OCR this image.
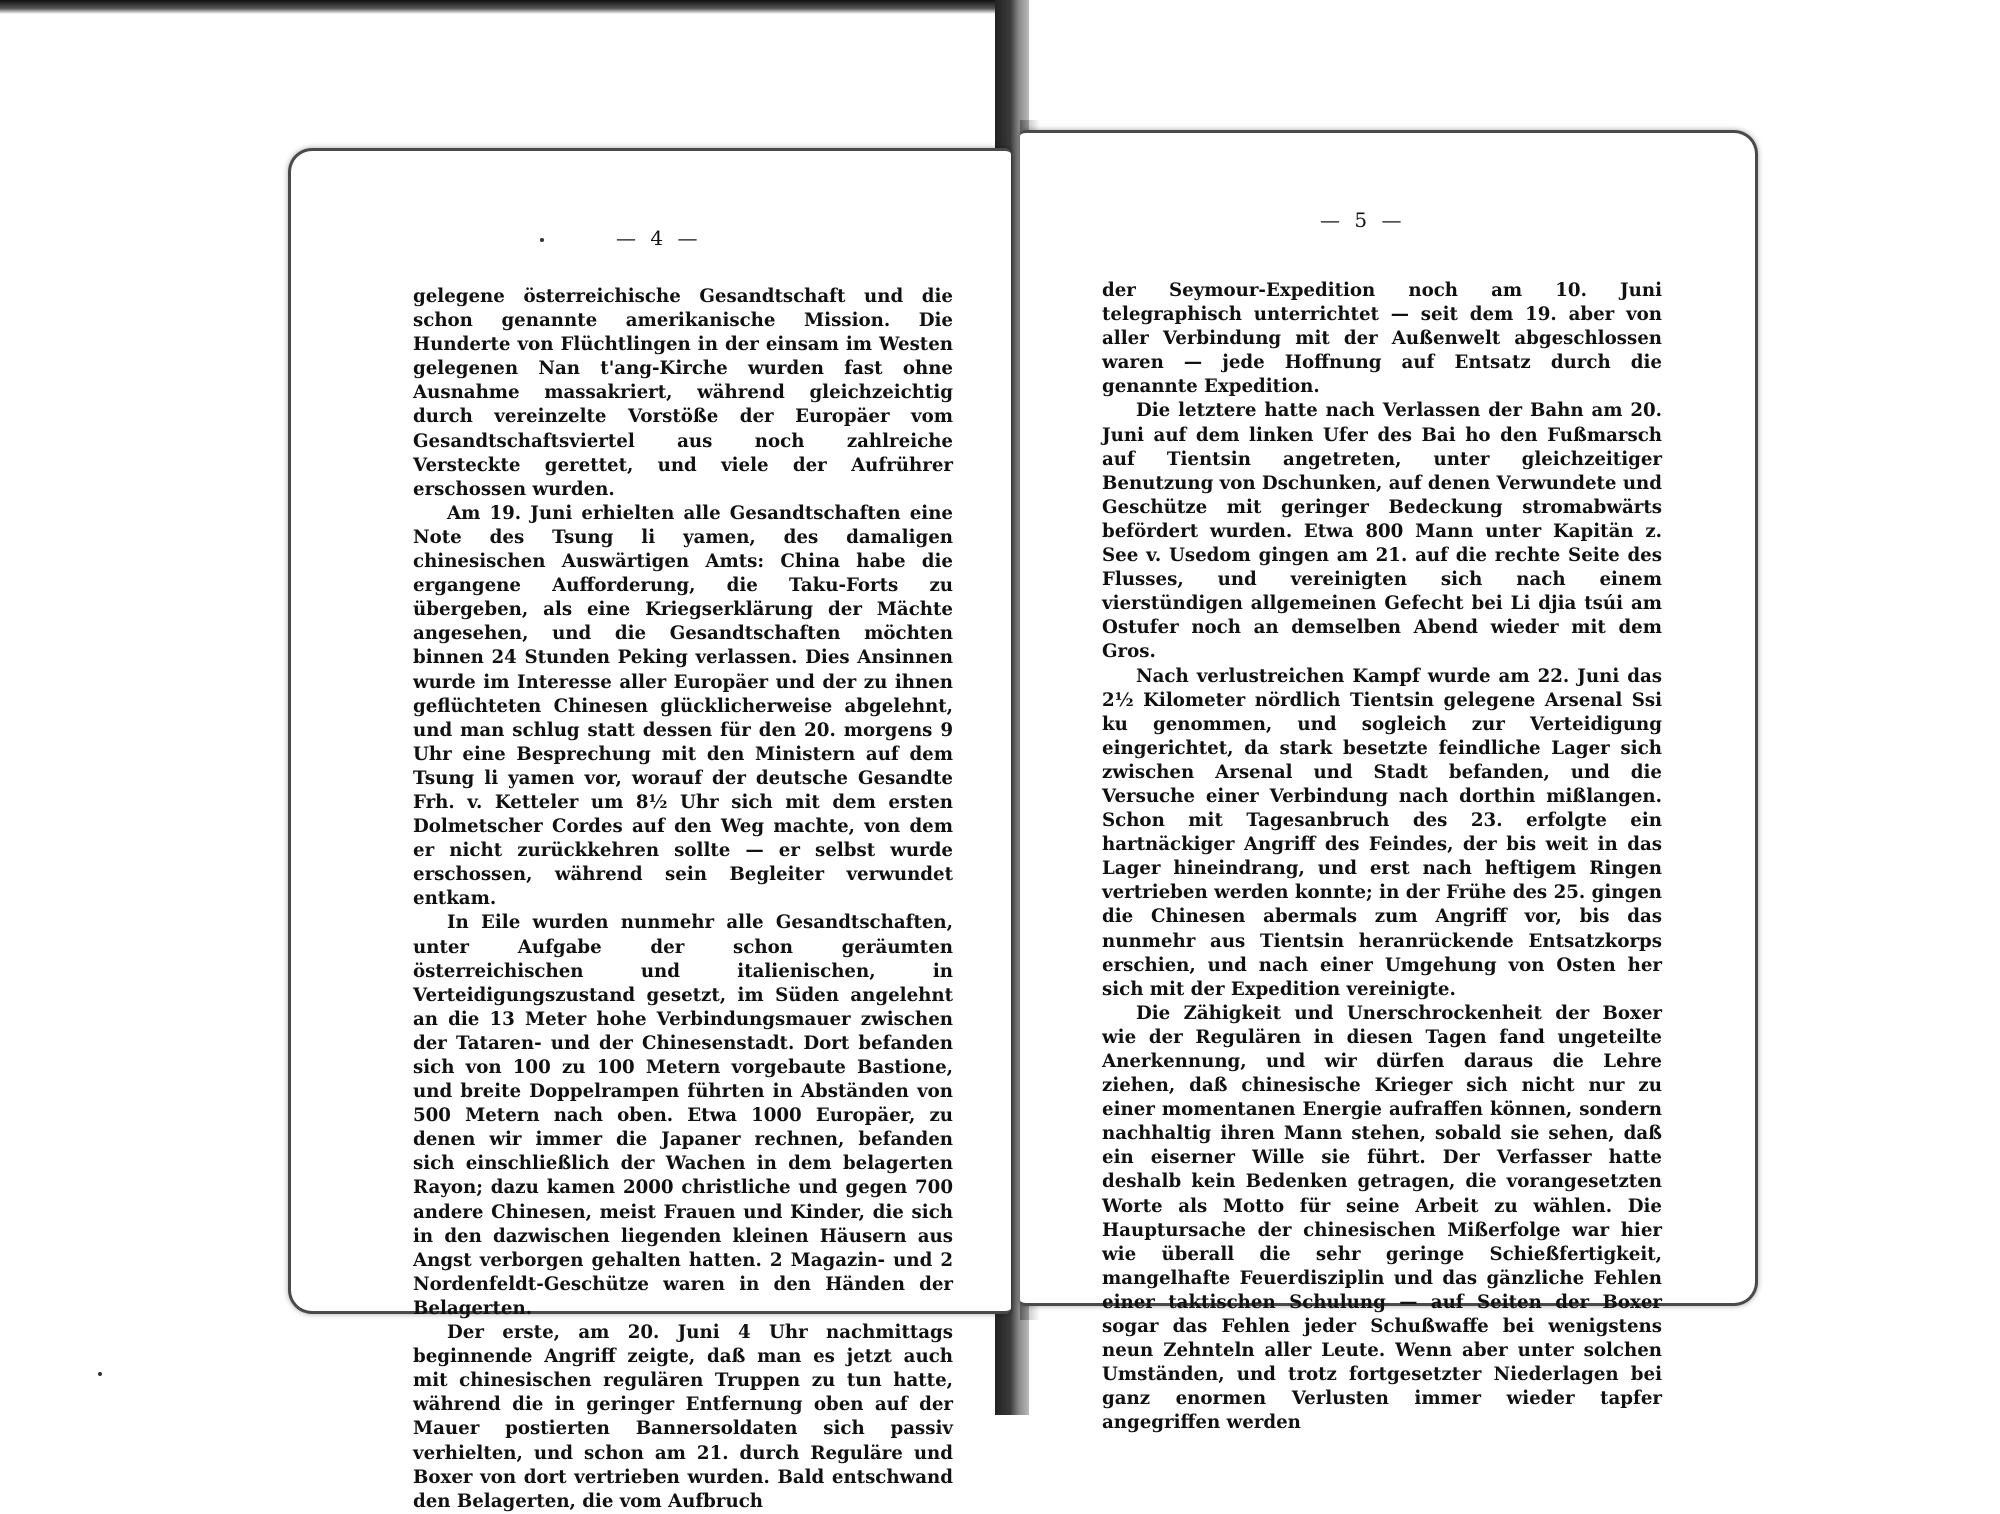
— 4 —

gelegene österreichische Gesandtschaft und die schon genannte amerikanische Mission. Die Hunderte von Flüchtlingen in der einsam im Westen gelegenen Nan t'ang-Kirche wurden fast ohne Ausnahme massakriert, während gleichzeichtig durch vereinzelte Vorstöße der Europäer vom Gesandtschaftsviertel aus noch zahlreiche Versteckte gerettet, und viele der Aufrührer erschossen wurden.

Am 19. Juni erhielten alle Gesandtschaften eine Note des Tsung li yamen, des damaligen chinesischen Auswärtigen Amts: China habe die ergangene Aufforderung, die Taku-Forts zu übergeben, als eine Kriegserklärung der Mächte angesehen, und die Gesandtschaften möchten binnen 24 Stunden Peking verlassen. Dies Ansinnen wurde im Interesse aller Europäer und der zu ihnen geflüchteten Chinesen glücklicherweise abgelehnt, und man schlug statt dessen für den 20. morgens 9 Uhr eine Besprechung mit den Ministern auf dem Tsung li yamen vor, worauf der deutsche Gesandte Frh. v. Ketteler um 8½ Uhr sich mit dem ersten Dolmetscher Cordes auf den Weg machte, von dem er nicht zurückkehren sollte — er selbst wurde erschossen, während sein Begleiter verwundet entkam.

In Eile wurden nunmehr alle Gesandtschaften, unter Aufgabe der schon geräumten österreichischen und italienischen, in Verteidigungszustand gesetzt, im Süden angelehnt an die 13 Meter hohe Verbindungsmauer zwischen der Tataren- und der Chinesenstadt. Dort befanden sich von 100 zu 100 Metern vorgebaute Bastione, und breite Doppelrampen führten in Abständen von 500 Metern nach oben. Etwa 1000 Europäer, zu denen wir immer die Japaner rechnen, befanden sich einschließlich der Wachen in dem belagerten Rayon; dazu kamen 2000 christliche und gegen 700 andere Chinesen, meist Frauen und Kinder, die sich in den dazwischen liegenden kleinen Häusern aus Angst verborgen gehalten hatten. 2 Magazin- und 2 Nordenfeldt-Geschütze waren in den Händen der Belagerten.

Der erste, am 20. Juni 4 Uhr nachmittags beginnende Angriff zeigte, daß man es jetzt auch mit chinesischen regulären Truppen zu tun hatte, während die in geringer Entfernung oben auf der Mauer postierten Bannersoldaten sich passiv verhielten, und schon am 21. durch Reguläre und Boxer von dort vertrieben wurden. Bald entschwand den Belagerten, die vom Aufbruch

— 5 —

der Seymour-Expedition noch am 10. Juni telegraphisch unterrichtet — seit dem 19. aber von aller Verbindung mit der Außenwelt abgeschlossen waren — jede Hoffnung auf Entsatz durch die genannte Expedition.

Die letztere hatte nach Verlassen der Bahn am 20. Juni auf dem linken Ufer des Bai ho den Fußmarsch auf Tientsin angetreten, unter gleichzeitiger Benutzung von Dschunken, auf denen Verwundete und Geschütze mit geringer Bedeckung stromabwärts befördert wurden. Etwa 800 Mann unter Kapitän z. See v. Usedom gingen am 21. auf die rechte Seite des Flusses, und vereinigten sich nach einem vierstündigen allgemeinen Gefecht bei Li djia tsúi am Ostufer noch an demselben Abend wieder mit dem Gros.

Nach verlustreichen Kampf wurde am 22. Juni das 2½ Kilometer nördlich Tientsin gelegene Arsenal Ssi ku genommen, und sogleich zur Verteidigung eingerichtet, da stark besetzte feindliche Lager sich zwischen Arsenal und Stadt befanden, und die Versuche einer Verbindung nach dorthin mißlangen. Schon mit Tagesanbruch des 23. erfolgte ein hartnäckiger Angriff des Feindes, der bis weit in das Lager hineindrang, und erst nach heftigem Ringen vertrieben werden konnte; in der Frühe des 25. gingen die Chinesen abermals zum Angriff vor, bis das nunmehr aus Tientsin heranrückende Entsatzkorps erschien, und nach einer Umgehung von Osten her sich mit der Expedition vereinigte.

Die Zähigkeit und Unerschrockenheit der Boxer wie der Regulären in diesen Tagen fand ungeteilte Anerkennung, und wir dürfen daraus die Lehre ziehen, daß chinesische Krieger sich nicht nur zu einer momentanen Energie aufraffen können, sondern nachhaltig ihren Mann stehen, sobald sie sehen, daß ein eiserner Wille sie führt. Der Verfasser hatte deshalb kein Bedenken getragen, die vorangesetzten Worte als Motto für seine Arbeit zu wählen. Die Hauptursache der chinesischen Mißerfolge war hier wie überall die sehr geringe Schießfertigkeit, mangelhafte Feuerdisziplin und das gänzliche Fehlen einer taktischen Schulung — auf Seiten der Boxer sogar das Fehlen jeder Schußwaffe bei wenigstens neun Zehnteln aller Leute. Wenn aber unter solchen Umständen, und trotz fortgesetzter Niederlagen bei ganz enormen Verlusten immer wieder tapfer angegriffen werden
